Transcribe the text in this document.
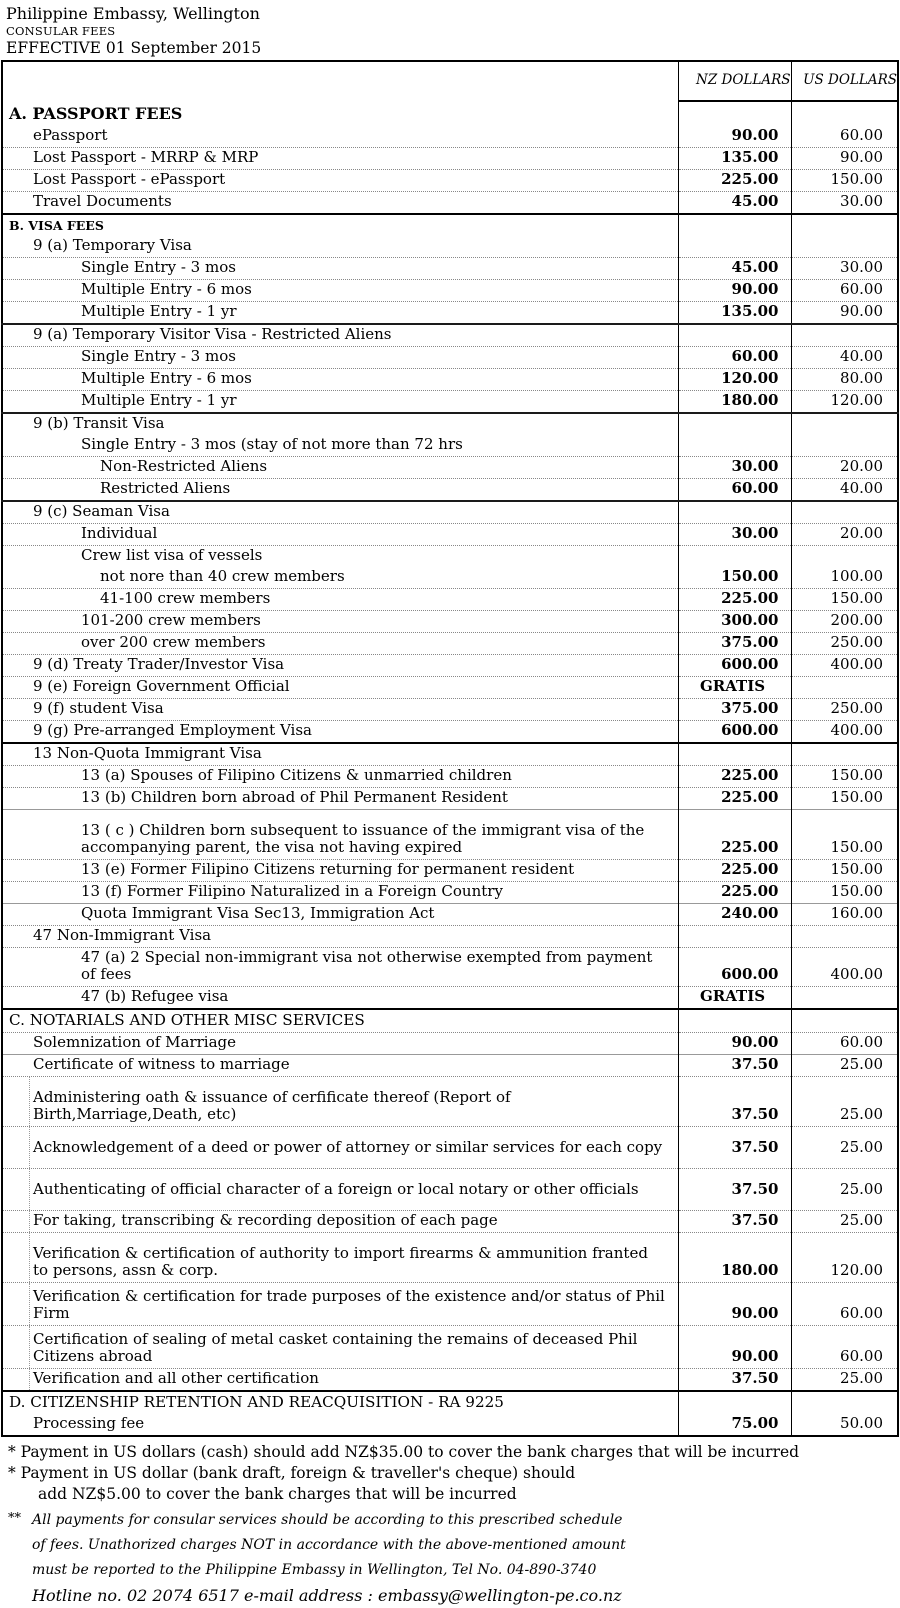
Philippine Embassy, Wellington
CONSULAR FEES
EFFECTIVE 01 September 2015
	NZ DOLLARS	US DOLLARS

A. PASSPORT FEES		

ePassport	90.00	60.00

Lost Passport - MRRP & MRP	135.00	90.00

Lost Passport - ePassport	225.00	150.00

Travel Documents	45.00	30.00

B. VISA FEES		

9 (a) Temporary Visa		

Single Entry - 3 mos	45.00	30.00

Multiple Entry - 6 mos	90.00	60.00

Multiple Entry - 1 yr	135.00	90.00

9 (a) Temporary Visitor Visa - Restricted Aliens		

Single Entry - 3 mos	60.00	40.00

Multiple Entry - 6 mos	120.00	80.00

Multiple Entry - 1 yr	180.00	120.00

9 (b) Transit Visa		

Single Entry - 3 mos (stay of not more than 72 hrs		

Non-Restricted Aliens	30.00	20.00

Restricted Aliens	60.00	40.00

9 (c) Seaman Visa		

Individual	30.00	20.00

Crew list visa of vessels		

not nore than 40 crew members	150.00	100.00

41-100 crew members	225.00	150.00

101-200 crew members	300.00	200.00

over 200 crew members	375.00	250.00

9 (d) Treaty Trader/Investor Visa	600.00	400.00

9 (e) Foreign Government Official	GRATIS	

9 (f) student Visa	375.00	250.00

9 (g) Pre-arranged Employment Visa	600.00	400.00

13 Non-Quota Immigrant Visa		

13 (a) Spouses of Filipino Citizens & unmarried children	225.00	150.00

13 (b) Children born abroad of Phil Permanent Resident	225.00	150.00

13 ( c ) Children born subsequent to issuance of the immigrant visa of the accompanying parent, the visa not having expired	225.00	150.00

13 (e) Former Filipino Citizens returning for permanent resident	225.00	150.00

13 (f) Former Filipino Naturalized in a Foreign Country	225.00	150.00

Quota Immigrant Visa Sec13, Immigration Act	240.00	160.00

47 Non-Immigrant Visa		

47 (a) 2 Special non-immigrant visa not otherwise exempted from payment of fees	600.00	400.00

47 (b) Refugee visa	GRATIS	

C. NOTARIALS AND OTHER MISC SERVICES		

Solemnization of Marriage	90.00	60.00

Certificate of witness to marriage	37.50	25.00

Administering oath & issuance of cerfificate thereof (Report of Birth,Marriage,Death, etc)	37.50	25.00

Acknowledgement of a deed or power of attorney or similar services for each copy	37.50	25.00

Authenticating of official character of a foreign or local notary or other officials	37.50	25.00

For taking, transcribing & recording deposition of each page	37.50	25.00

Verification & certification of authority to import firearms & ammunition franted to persons, assn & corp.	180.00	120.00

Verification & certification for trade purposes of the existence and/or status of Phil Firm	90.00	60.00

Certification of sealing of metal casket containing the remains of deceased Phil Citizens abroad	90.00	60.00

Verification and all other certification	37.50	25.00

D. CITIZENSHIP RETENTION AND REACQUISITION - RA 9225		

Processing fee	75.00	50.00
* Payment in US dollars (cash) should add NZ$35.00 to cover the bank charges that will be incurred
* Payment in US dollar (bank draft, foreign & traveller's cheque) should
add NZ$5.00 to cover the bank charges that will be incurred
** All payments for consular services should be according to this prescribed schedule
of fees. Unathorized charges NOT in accordance with the above-mentioned amount
must be reported to the Philippine Embassy in Wellington, Tel No. 04-890-3740
Hotline no. 02 2074 6517 e-mail address : embassy@wellington-pe.co.nz
